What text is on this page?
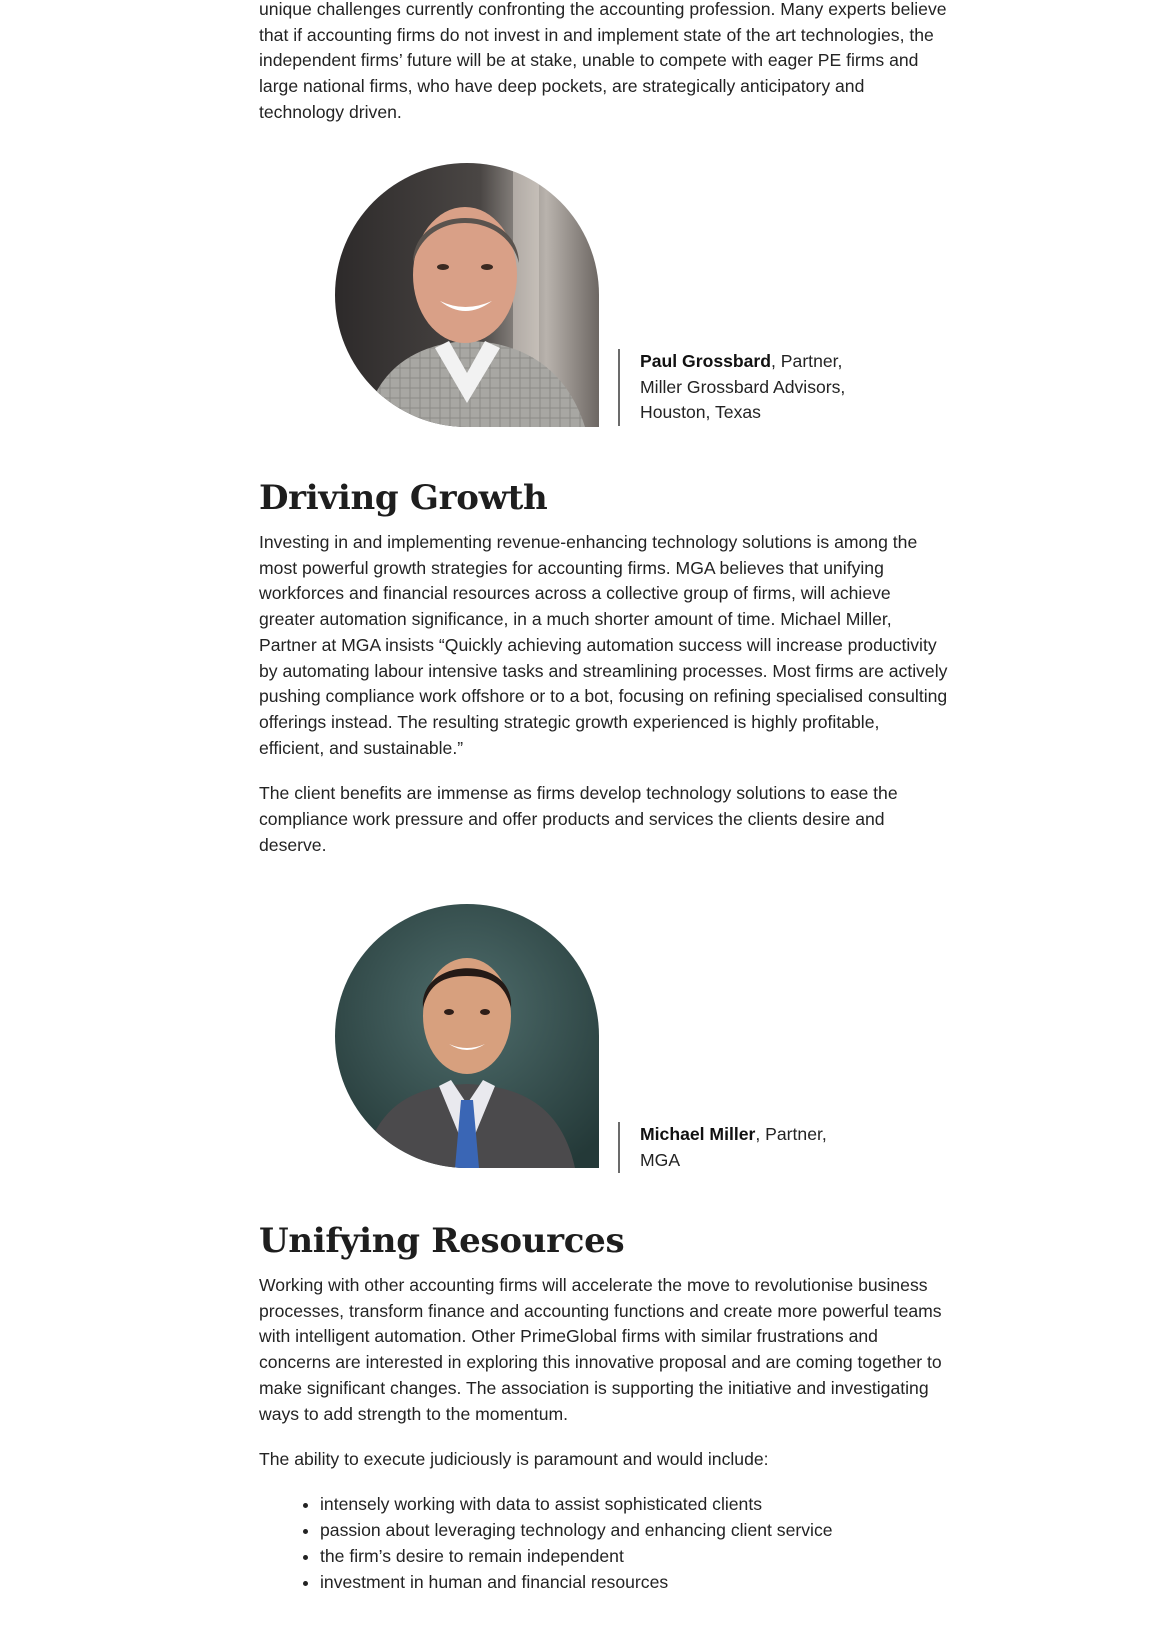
unique challenges currently confronting the accounting profession. Many experts believe that if accounting firms do not invest in and implement state of the art technologies, the independent firms’ future will be at stake, unable to compete with eager PE firms and large national firms, who have deep pockets, are strategically anticipatory and technology driven.

Paul Grossbard, Partner,
Miller Grossbard Advisors,
Houston, Texas
Driving Growth

Investing in and implementing revenue-enhancing technology solutions is among the most powerful growth strategies for accounting firms. MGA believes that unifying workforces and financial resources across a collective group of firms, will achieve greater automation significance, in a much shorter amount of time. Michael Miller, Partner at MGA insists “Quickly achieving automation success will increase productivity by automating labour intensive tasks and streamlining processes. Most firms are actively pushing compliance work offshore or to a bot, focusing on refining specialised consulting offerings instead. The resulting strategic growth experienced is highly profitable, efficient, and sustainable.”

The client benefits are immense as firms develop technology solutions to ease the compliance work pressure and offer products and services the clients desire and deserve.

Michael Miller, Partner,
MGA
Unifying Resources

Working with other accounting firms will accelerate the move to revolutionise business processes, transform finance and accounting functions and create more powerful teams with intelligent automation. Other PrimeGlobal firms with similar frustrations and concerns are interested in exploring this innovative proposal and are coming together to make significant changes. The association is supporting the initiative and investigating ways to add strength to the momentum.

The ability to execute judiciously is paramount and would include:

• intensely working with data to assist sophisticated clients
• passion about leveraging technology and enhancing client service
• the firm’s desire to remain independent
• investment in human and financial resources
